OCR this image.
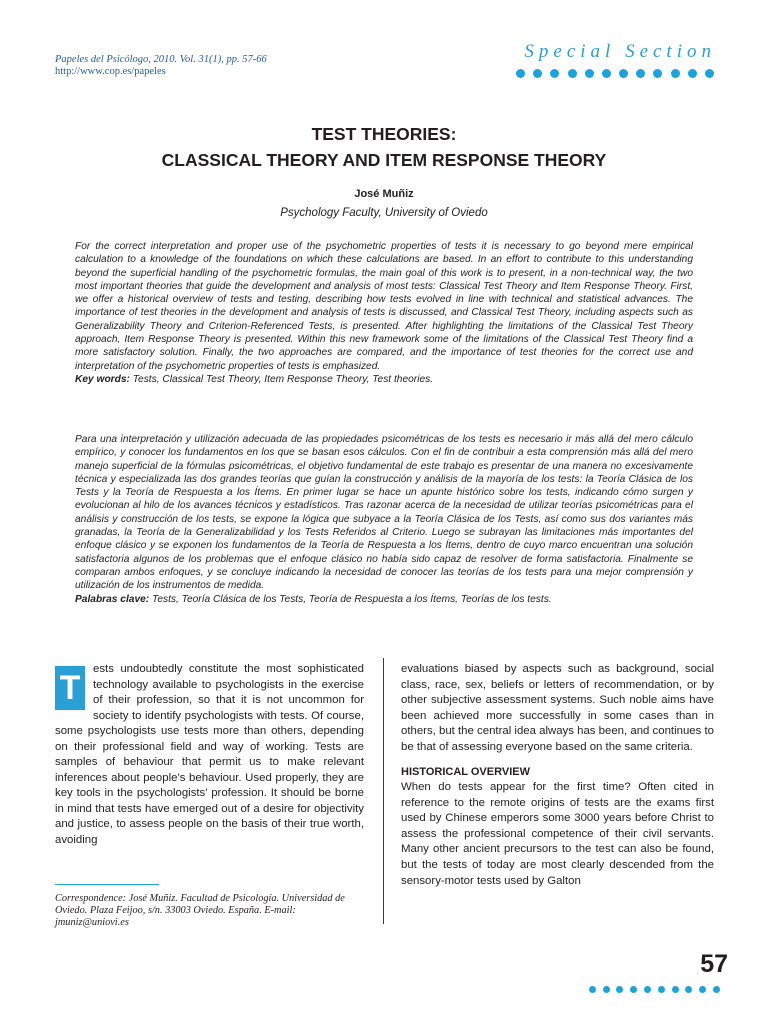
Papeles del Psicólogo, 2010. Vol. 31(1), pp. 57-66
http://www.cop.es/papeles
Special Section
TEST THEORIES:
CLASSICAL THEORY AND ITEM RESPONSE THEORY
José Muñiz
Psychology Faculty, University of Oviedo
For the correct interpretation and proper use of the psychometric properties of tests it is necessary to go beyond mere empirical calculation to a knowledge of the foundations on which these calculations are based. In an effort to contribute to this understanding beyond the superficial handling of the psychometric formulas, the main goal of this work is to present, in a non-technical way, the two most important theories that guide the development and analysis of most tests: Classical Test Theory and Item Response Theory. First, we offer a historical overview of tests and testing, describing how tests evolved in line with technical and statistical advances. The importance of test theories in the development and analysis of tests is discussed, and Classical Test Theory, including aspects such as Generalizability Theory and Criterion-Referenced Tests, is presented. After highlighting the limitations of the Classical Test Theory approach, Item Response Theory is presented. Within this new framework some of the limitations of the Classical Test Theory find a more satisfactory solution. Finally, the two approaches are compared, and the importance of test theories for the correct use and interpretation of the psychometric properties of tests is emphasized.
Key words: Tests, Classical Test Theory, Item Response Theory, Test theories.
Para una interpretación y utilización adecuada de las propiedades psicométricas de los tests es necesario ir más allá del mero cálculo empírico, y conocer los fundamentos en los que se basan esos cálculos. Con el fin de contribuir a esta comprensión más allá del mero manejo superficial de la fórmulas psicométricas, el objetivo fundamental de este trabajo es presentar de una manera no excesivamente técnica y especializada las dos grandes teorías que guían la construcción y análisis de la mayoría de los tests: la Teoría Clásica de los Tests y la Teoría de Respuesta a los Ítems. En primer lugar se hace un apunte histórico sobre los tests, indicando cómo surgen y evolucionan al hilo de los avances técnicos y estadísticos. Tras razonar acerca de la necesidad de utilizar teorías psicométricas para el análisis y construcción de los tests, se expone la lógica que subyace a la Teoría Clásica de los Tests, así como sus dos variantes más granadas, la Teoría de la Generalizabilidad y los Tests Referidos al Criterio. Luego se subrayan las limitaciones más importantes del enfoque clásico y se exponen los fundamentos de la Teoría de Respuesta a los Ítems, dentro de cuyo marco encuentran una solución satisfactoria algunos de los problemas que el enfoque clásico no había sido capaz de resolver de forma satisfactoria. Finalmente se comparan ambos enfoques, y se concluye indicando la necesidad de conocer las teorías de los tests para una mejor comprensión y utilización de los instrumentos de medida.
Palabras clave: Tests, Teoría Clásica de los Tests, Teoría de Respuesta a los Ítems, Teorías de los tests.

T	ests undoubtedly constitute the most sophisticated technology available to psychologists in the exercise of their profession, so that it is not uncommon for society to identify psychologists with tests. Of course, some psychologists use tests more than others, depending on their professional field and way of working. Tests are samples of behaviour that permit us to make relevant inferences about people’s behaviour. Used properly, they are key tools in the psychologists’ profession. It should be borne in mind that tests have emerged out of a desire for objectivity and justice, to assess people on the basis of their true worth, avoiding

evaluations biased by aspects such as background, social class, race, sex, beliefs or letters of recommendation, or by other subjective assessment systems. Such noble aims have been achieved more successfully in some cases than in others, but the central idea always has been, and continues to be that of assessing everyone based on the same criteria.

HISTORICAL OVERVIEW

When do tests appear for the first time? Often cited in reference to the remote origins of tests are the exams first used by Chinese emperors some 3000 years before Christ to assess the professional competence of their civil servants. Many other ancient precursors to the test can also be found, but the tests of today are most clearly descended from the sensory-motor tests used by Galton

Correspondence: José Muñiz. Facultad de Psicología. Universidad de Oviedo. Plaza Feijoo, s/n. 33003 Oviedo. España. E-mail: jmuniz@uniovi.es
57
